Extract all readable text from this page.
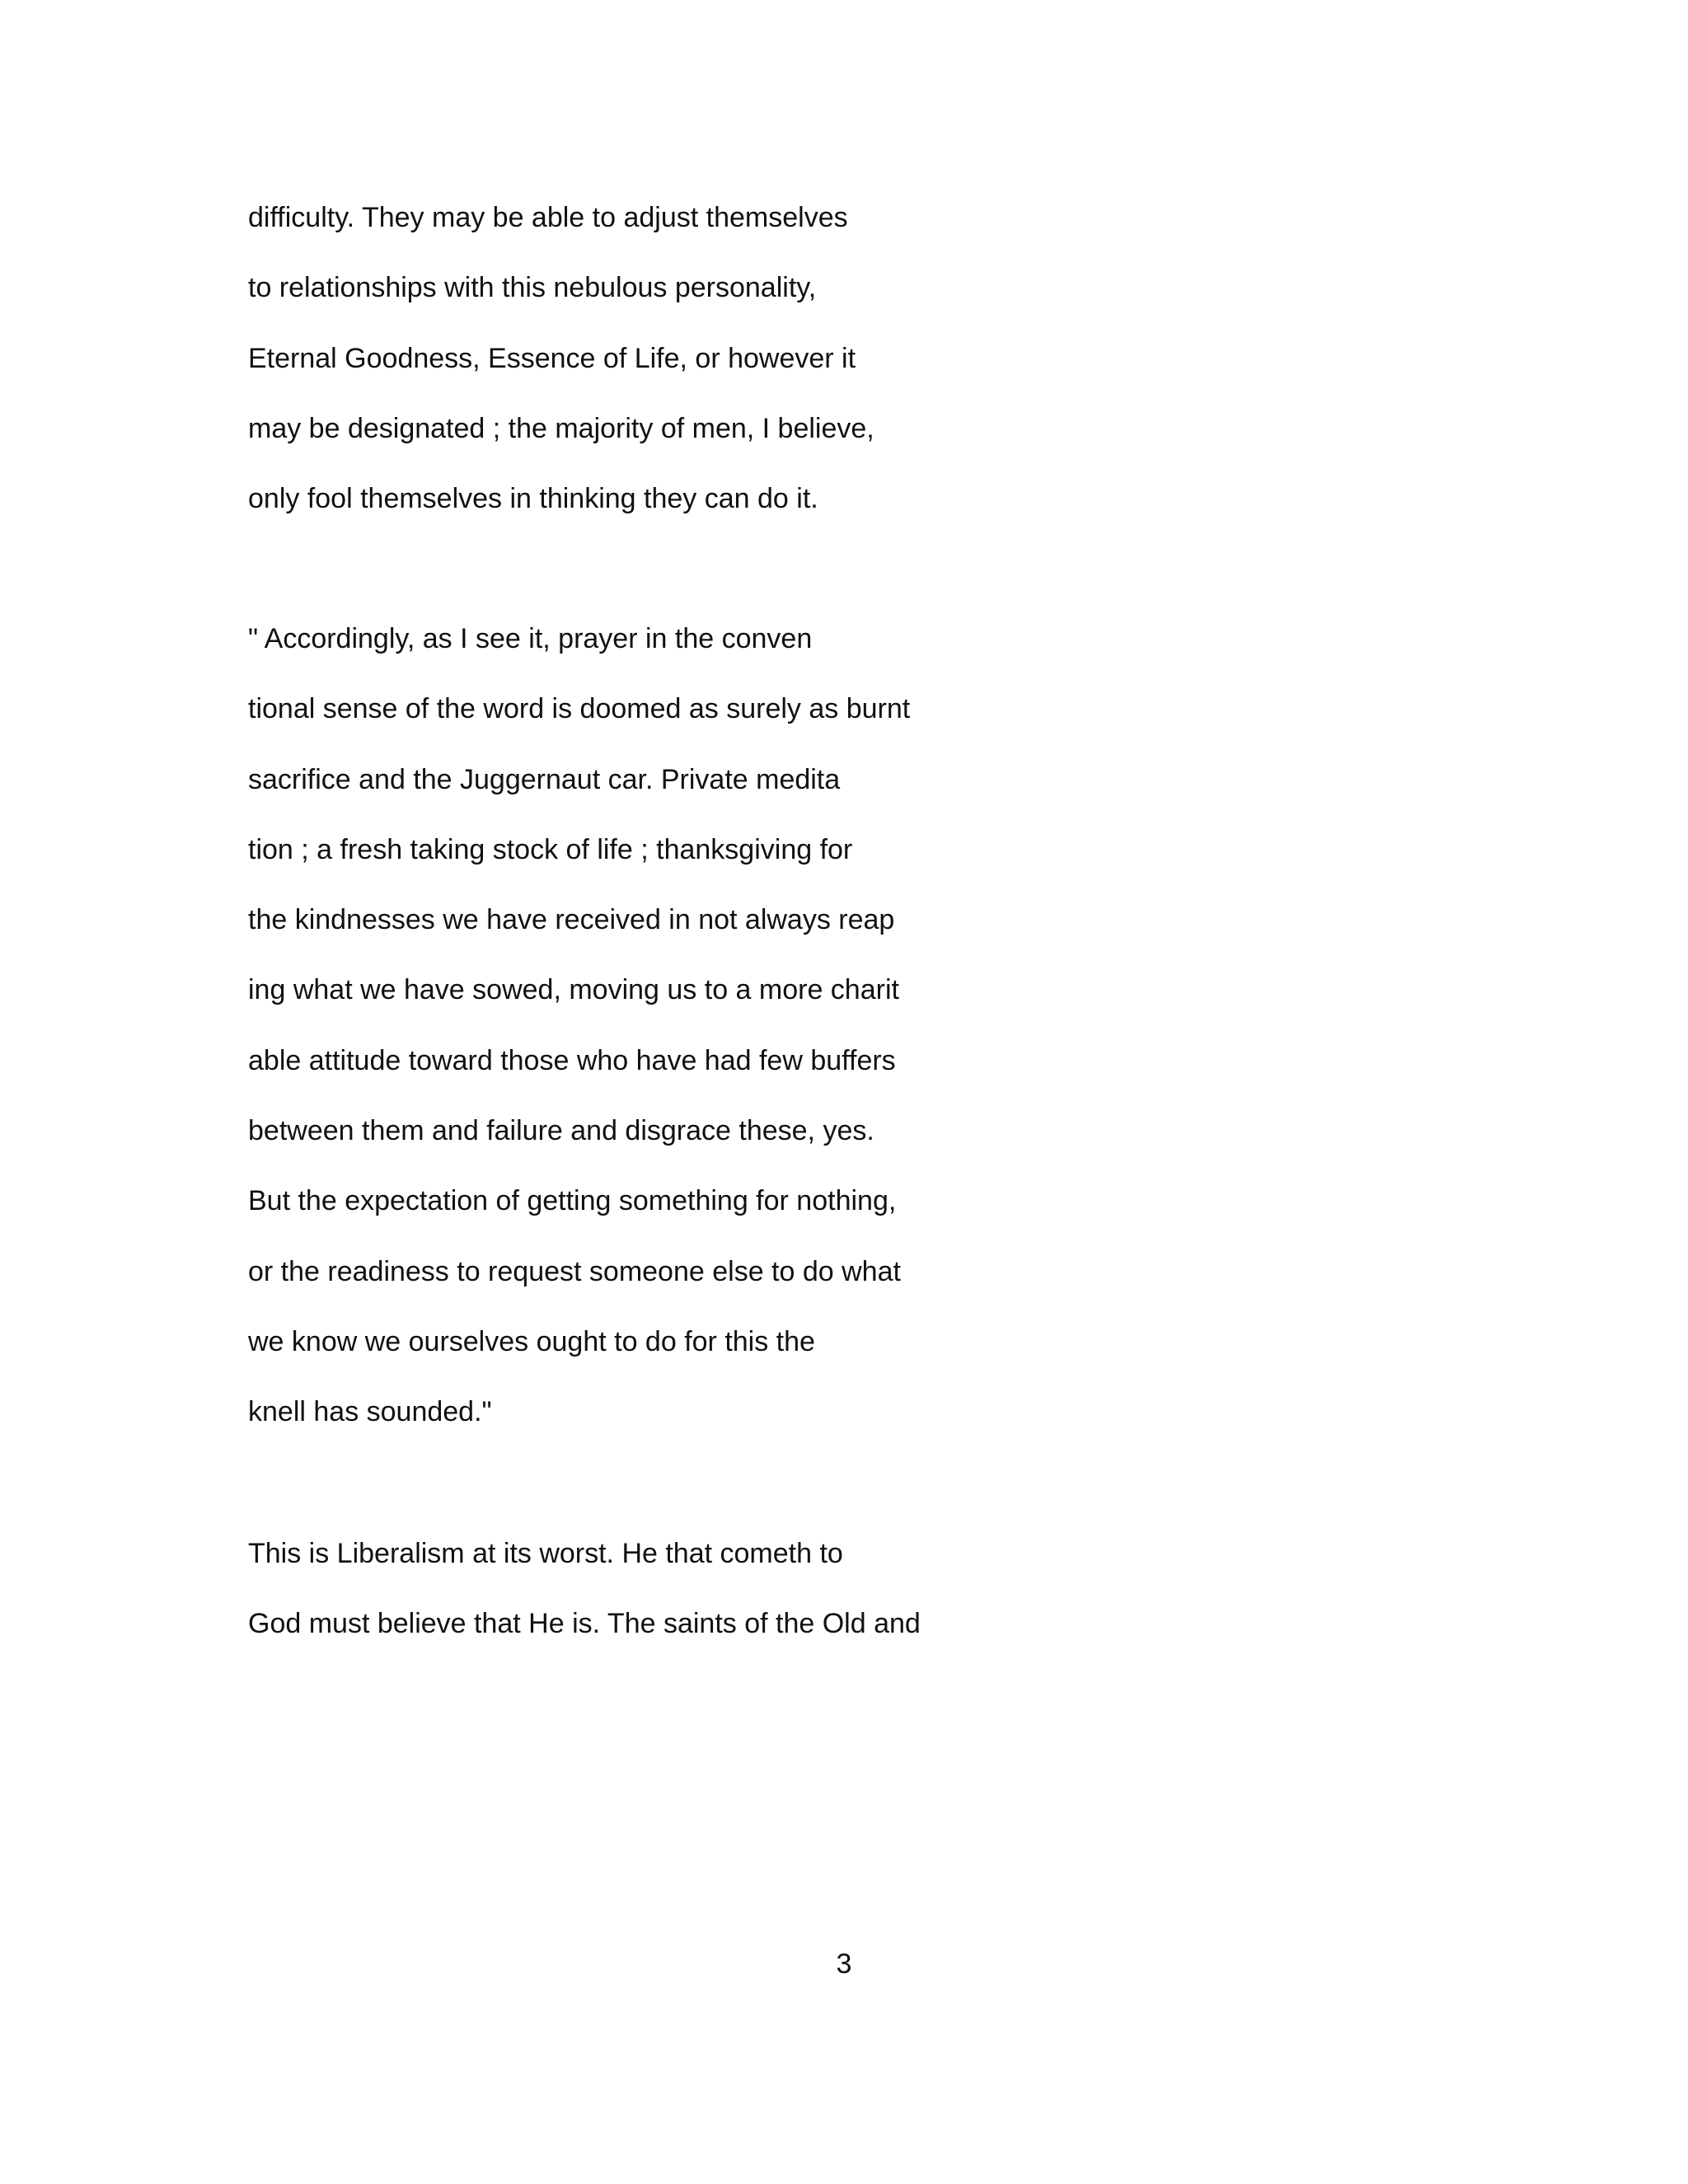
difficulty. They may be able to adjust themselves
to relationships with this nebulous personality,
Eternal Goodness, Essence of Life, or however it
may be designated ; the majority of men, I believe,
only fool themselves in thinking they can do it.
" Accordingly, as I see it, prayer in the conven
tional sense of the word is doomed as surely as burnt
sacrifice and the Juggernaut car. Private medita
tion ; a fresh taking stock of life ; thanksgiving for
the kindnesses we have received in not always reap
ing what we have sowed, moving us to a more charit
able attitude toward those who have had few buffers
between them and failure and disgrace these, yes.
But the expectation of getting something for nothing,
or the readiness to request someone else to do what
we know we ourselves ought to do for this the
knell has sounded."
This is Liberalism at its worst. He that cometh to
God must believe that He is. The saints of the Old and
3
